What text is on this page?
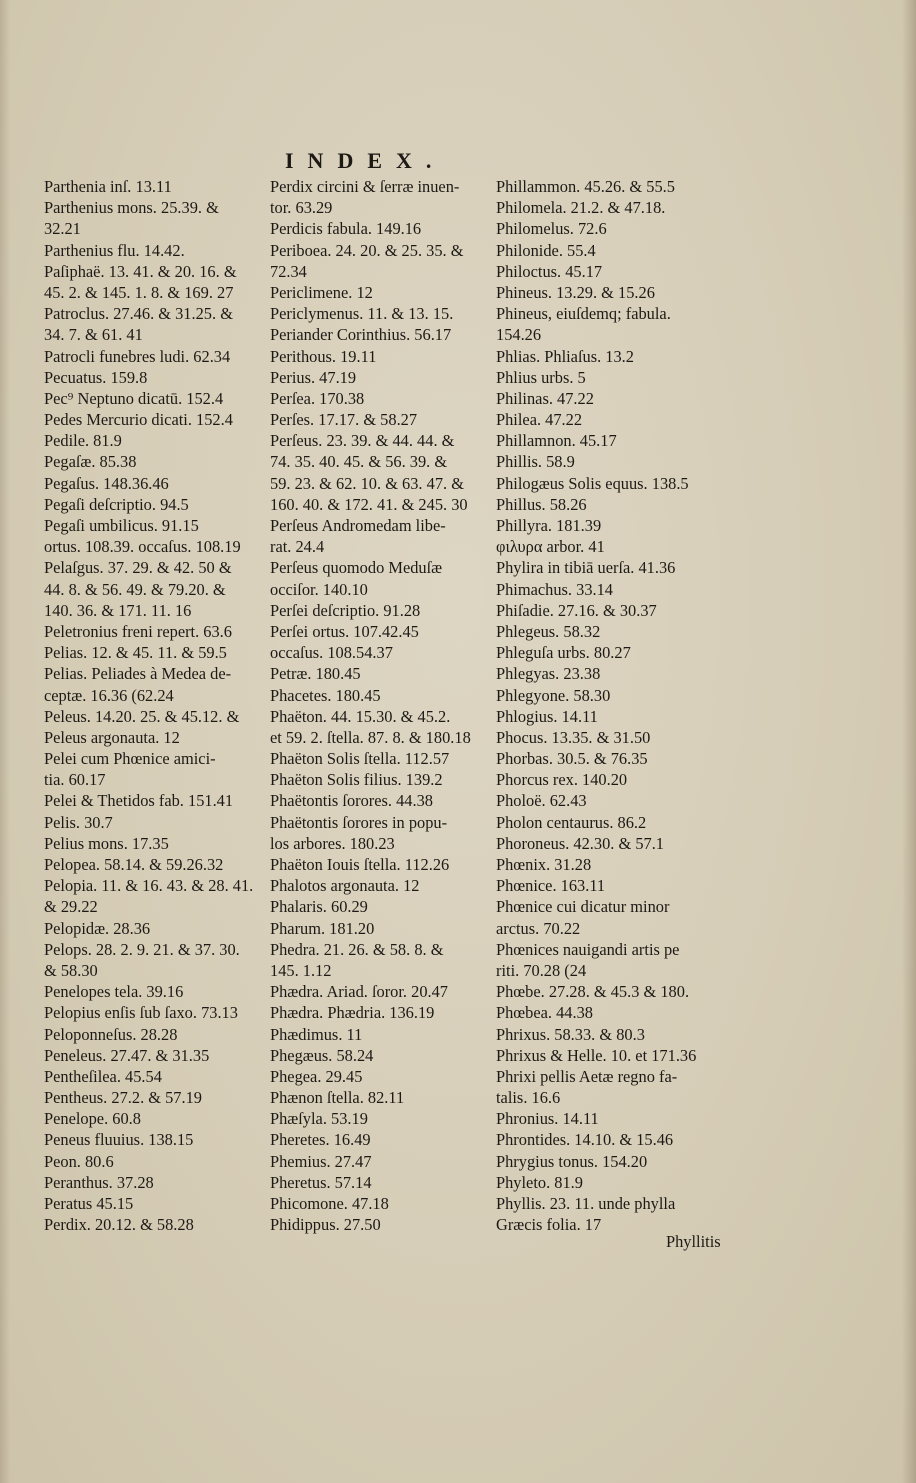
INDEX.
Parthenia inſ. 13.11
Parthenius mons. 25.39. &
32.21
Parthenius flu. 14.42.
Paſiphaë. 13. 41. & 20. 16. &
45. 2. & 145. 1. 8. & 169. 27
Patroclus. 27.46. & 31.25. &
34. 7. & 61. 41
Patrocli funebres ludi. 62.34
Pecuatus. 159.8
Pec⁹ Neptuno dicatū. 152.4
Pedes Mercurio dicati. 152.4
Pedile. 81.9
Pegaſæ. 85.38
Pegaſus. 148.36.46
Pegaſi deſcriptio. 94.5
Pegaſi umbilicus. 91.15
ortus. 108.39. occaſus. 108.19
Pelaſgus. 37. 29. & 42. 50 &
44. 8. & 56. 49. & 79.20. &
140. 36. & 171. 11. 16
Peletronius freni repert. 63.6
Pelias. 12. & 45. 11. & 59.5
Pelias. Peliades à Medea de-
ceptæ. 16.36 (62.24
Peleus. 14.20. 25. & 45.12. &
Peleus argonauta. 12
Pelei cum Phœnice amici-
tia. 60.17
Pelei & Thetidos fab. 151.41
Pelis. 30.7
Pelius mons. 17.35
Pelopea. 58.14. & 59.26.32
Pelopia. 11. & 16. 43. & 28. 41.
& 29.22
Pelopidæ. 28.36
Pelops. 28. 2. 9. 21. & 37. 30.
& 58.30
Penelopes tela. 39.16
Pelopius enſis ſub ſaxo. 73.13
Peloponneſus. 28.28
Peneleus. 27.47. & 31.35
Pentheſilea. 45.54
Pentheus. 27.2. & 57.19
Penelope. 60.8
Peneus fluuius. 138.15
Peon. 80.6
Peranthus. 37.28
Peratus 45.15
Perdix. 20.12. & 58.28
Perdix circini & ſerræ inuen-
tor. 63.29
Perdicis fabula. 149.16
Periboea. 24. 20. & 25. 35. &
72.34
Periclimene. 12
Periclymenus. 11. & 13. 15.
Periander Corinthius. 56.17
Perithous. 19.11
Perius. 47.19
Perſea. 170.38
Perſes. 17.17. & 58.27
Perſeus. 23. 39. & 44. 44. &
74. 35. 40. 45. & 56. 39. &
59. 23. & 62. 10. & 63. 47. &
160. 40. & 172. 41. & 245. 30
Perſeus Andromedam libe-
rat. 24.4
Perſeus quomodo Meduſæ
occiſor. 140.10
Perſei deſcriptio. 91.28
Perſei ortus. 107.42.45
occaſus. 108.54.37
Petræ. 180.45
Phacetes. 180.45
Phaëton. 44. 15.30. & 45.2.
et 59. 2. ſtella. 87. 8. & 180.18
Phaëton Solis ſtella. 112.57
Phaëton Solis filius. 139.2
Phaëtontis ſorores. 44.38
Phaëtontis ſorores in popu-
los arbores. 180.23
Phaëton Iouis ſtella. 112.26
Phalotos argonauta. 12
Phalaris. 60.29
Pharum. 181.20
Phedra. 21. 26. & 58. 8. &
145. 1.12
Phædra. Ariad. ſoror. 20.47
Phædra. Phædria. 136.19
Phædimus. 11
Phegæus. 58.24
Phegea. 29.45
Phænon ſtella. 82.11
Phæſyla. 53.19
Pheretes. 16.49
Phemius. 27.47
Pheretus. 57.14
Phicomone. 47.18
Phidippus. 27.50
Phillammon. 45.26. & 55.5
Philomela. 21.2. & 47.18.
Philomelus. 72.6
Philonide. 55.4
Philoctus. 45.17
Phineus. 13.29. & 15.26
Phineus, eiuſdemq; fabula.
154.26
Phlias. Phliaſus. 13.2
Phlius urbs. 5
Philinas. 47.22
Philea. 47.22
Phillamnon. 45.17
Phillis. 58.9
Philogæus Solis equus. 138.5
Phillus. 58.26
Phillyra. 181.39
φιλυρα arbor. 41
Phylira in tibiā uerſa. 41.36
Phimachus. 33.14
Phiſadie. 27.16. & 30.37
Phlegeus. 58.32
Phleguſa urbs. 80.27
Phlegyas. 23.38
Phlegyone. 58.30
Phlogius. 14.11
Phocus. 13.35. & 31.50
Phorbas. 30.5. & 76.35
Phorcus rex. 140.20
Pholoë. 62.43
Pholon centaurus. 86.2
Phoroneus. 42.30. & 57.1
Phœnix. 31.28
Phœnice. 163.11
Phœnice cui dicatur minor
arctus. 70.22
Phœnices nauigandi artis pe
riti. 70.28 (24
Phœbe. 27.28. & 45.3 & 180.
Phœbea. 44.38
Phrixus. 58.33. & 80.3
Phrixus & Helle. 10. et 171.36
Phrixi pellis Aetæ regno fa-
talis. 16.6
Phronius. 14.11
Phrontides. 14.10. & 15.46
Phrygius tonus. 154.20
Phyleto. 81.9
Phyllis. 23. 11. unde phylla
Græcis folia. 17
Phyllitis
